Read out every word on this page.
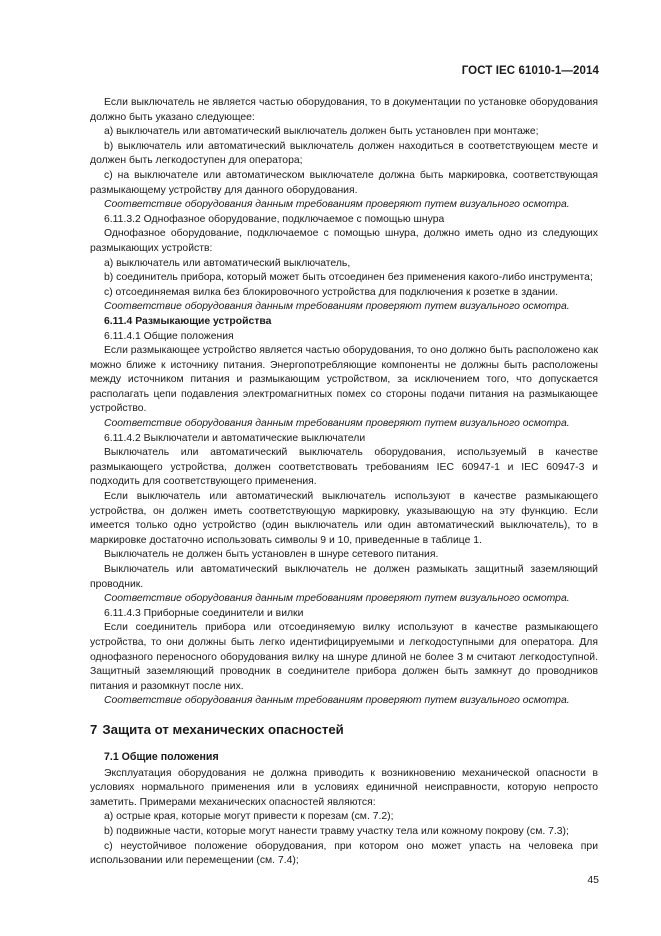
ГОСТ IEC 61010-1—2014

Если выключатель не является частью оборудования, то в документации по установке оборудования должно быть указано следующее:

a) выключатель или автоматический выключатель должен быть установлен при монтаже;

b) выключатель или автоматический выключатель должен находиться в соответствующем месте и должен быть легкодоступен для оператора;

c) на выключателе или автоматическом выключателе должна быть маркировка, соответствующая размыкающему устройству для данного оборудования.

Соответствие оборудования данным требованиям проверяют путем визуального осмотра.

6.11.3.2 Однофазное оборудование, подключаемое с помощью шнура

Однофазное оборудование, подключаемое с помощью шнура, должно иметь одно из следующих размыкающих устройств:

a) выключатель или автоматический выключатель,

b) соединитель прибора, который может быть отсоединен без применения какого-либо инструмента;

c) отсоединяемая вилка без блокировочного устройства для подключения к розетке в здании.

Соответствие оборудования данным требованиям проверяют путем визуального осмотра.

6.11.4 Размыкающие устройства

6.11.4.1 Общие положения

Если размыкающее устройство является частью оборудования, то оно должно быть расположено как можно ближе к источнику питания. Энергопотребляющие компоненты не должны быть расположены между источником питания и размыкающим устройством, за исключением того, что допускается располагать цепи подавления электромагнитных помех со стороны подачи питания на размыкающее устройство.

Соответствие оборудования данным требованиям проверяют путем визуального осмотра.

6.11.4.2 Выключатели и автоматические выключатели

Выключатель или автоматический выключатель оборудования, используемый в качестве размыкающего устройства, должен соответствовать требованиям IEC 60947-1 и IEC 60947-3 и подходить для соответствующего применения.

Если выключатель или автоматический выключатель используют в качестве размыкающего устройства, он должен иметь соответствующую маркировку, указывающую на эту функцию. Если имеется только одно устройство (один выключатель или один автоматический выключатель), то в маркировке достаточно использовать символы 9 и 10, приведенные в таблице 1.

Выключатель не должен быть установлен в шнуре сетевого питания.

Выключатель или автоматический выключатель не должен размыкать защитный заземляющий проводник.

Соответствие оборудования данным требованиям проверяют путем визуального осмотра.

6.11.4.3 Приборные соединители и вилки

Если соединитель прибора или отсоединяемую вилку используют в качестве размыкающего устройства, то они должны быть легко идентифицируемыми и легкодоступными для оператора. Для однофазного переносного оборудования вилку на шнуре длиной не более 3 м считают легкодоступной. Защитный заземляющий проводник в соединителе прибора должен быть замкнут до проводников питания и разомкнут после них.

Соответствие оборудования данным требованиям проверяют путем визуального осмотра.

7 Защита от механических опасностей
7.1 Общие положения

Эксплуатация оборудования не должна приводить к возникновению механической опасности в условиях нормального применения или в условиях единичной неисправности, которую непросто заметить. Примерами механических опасностей являются:

a) острые края, которые могут привести к порезам (см. 7.2);

b) подвижные части, которые могут нанести травму участку тела или кожному покрову (см. 7.3);

c) неустойчивое положение оборудования, при котором оно может упасть на человека при использовании или перемещении (см. 7.4);

45
